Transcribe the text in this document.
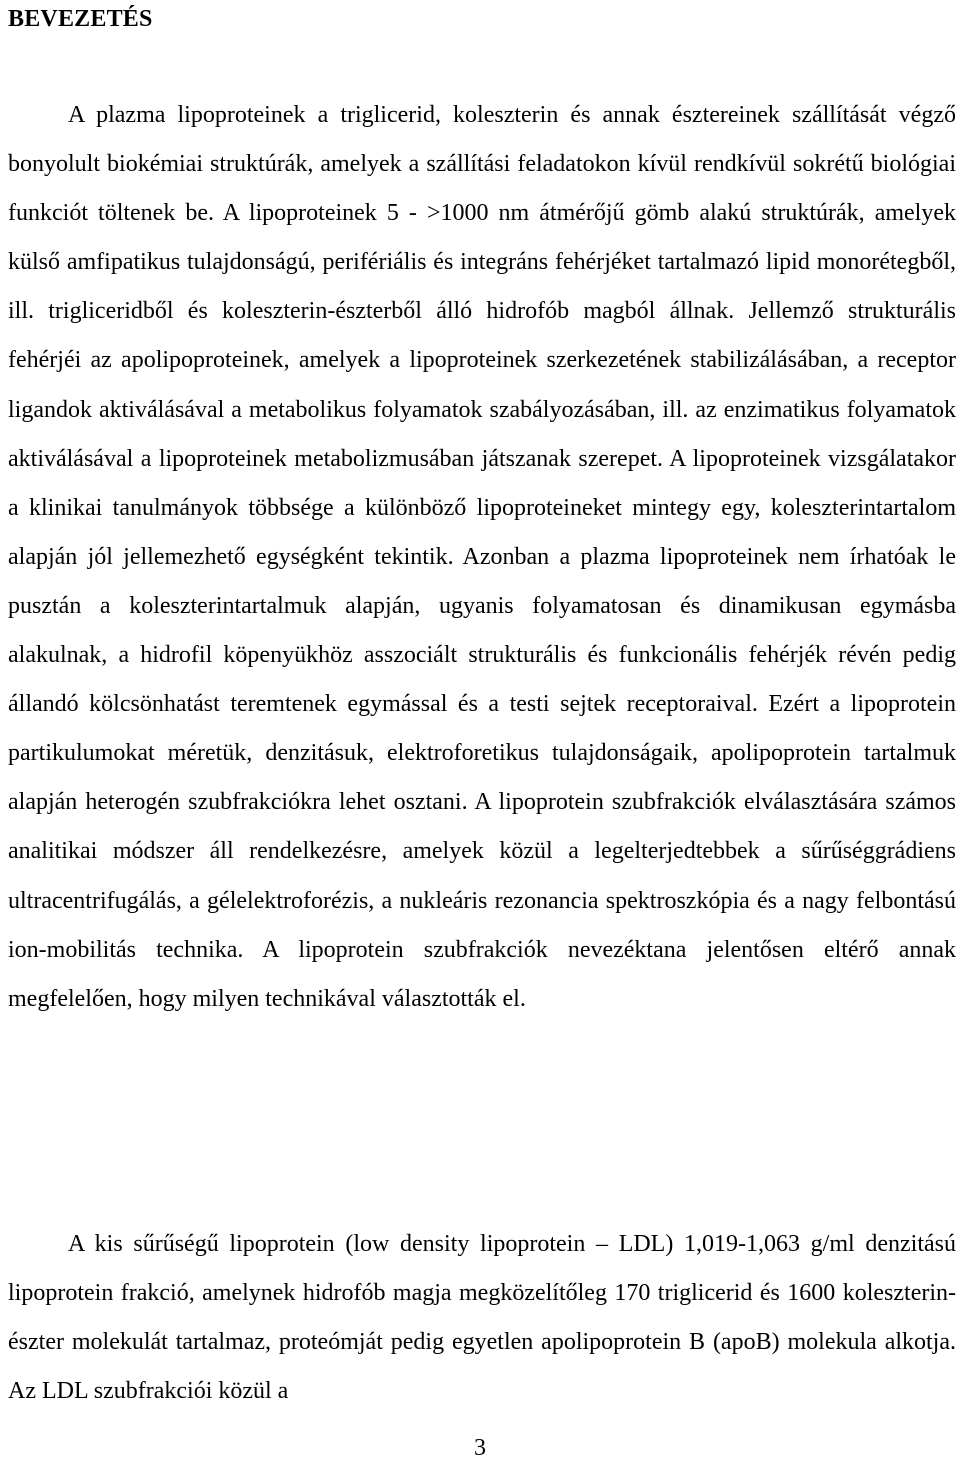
BEVEZETÉS

A plazma lipoproteinek a triglicerid, koleszterin és annak észtereinek szállítását végző bonyolult biokémiai struktúrák, amelyek a szállítási feladatokon kívül rendkívül sokrétű biológiai funkciót töltenek be. A lipoproteinek 5 - >1000 nm átmérőjű gömb alakú struktúrák, amelyek külső amfipatikus tulajdonságú, perifériális és integráns fehérjéket tartalmazó lipid monorétegből, ill. trigliceridből és koleszterin-észterből álló hidrofób magból állnak. Jellemző strukturális fehérjéi az apolipoproteinek, amelyek a lipoproteinek szerkezetének stabilizálásában, a receptor ligandok aktiválásával a metabolikus folyamatok szabályozásában, ill. az enzimatikus folyamatok aktiválásával a lipoproteinek metabolizmusában játszanak szerepet. A lipoproteinek vizsgálatakor a klinikai tanulmányok többsége a különböző lipoproteineket mintegy egy, koleszterintartalom alapján jól jellemezhető egységként tekintik. Azonban a plazma lipoproteinek nem írhatóak le pusztán a koleszterintartalmuk alapján, ugyanis folyamatosan és dinamikusan egymásba alakulnak, a hidrofil köpenyükhöz asszociált strukturális és funkcionális fehérjék révén pedig állandó kölcsönhatást teremtenek egymással és a testi sejtek receptoraival. Ezért a lipoprotein partikulumokat méretük, denzitásuk, elektroforetikus tulajdonságaik, apolipoprotein tartalmuk alapján heterogén szubfrakciókra lehet osztani. A lipoprotein szubfrakciók elválasztására számos analitikai módszer áll rendelkezésre, amelyek közül a legelterjedtebbek a sűrűséggrádiens ultracentrifugálás, a gélelektroforézis, a nukleáris rezonancia spektroszkópia és a nagy felbontású ion-mobilitás technika. A lipoprotein szubfrakciók nevezéktana jelentősen eltérő annak megfelelően, hogy milyen technikával választották el.

A kis sűrűségű lipoprotein (low density lipoprotein – LDL) 1,019-1,063 g/ml denzitású lipoprotein frakció, amelynek hidrofób magja megközelítőleg 170 triglicerid és 1600 koleszterin-észter molekulát tartalmaz, proteómját pedig egyetlen apolipoprotein B (apoB) molekula alkotja. Az LDL szubfrakciói közül a

3
